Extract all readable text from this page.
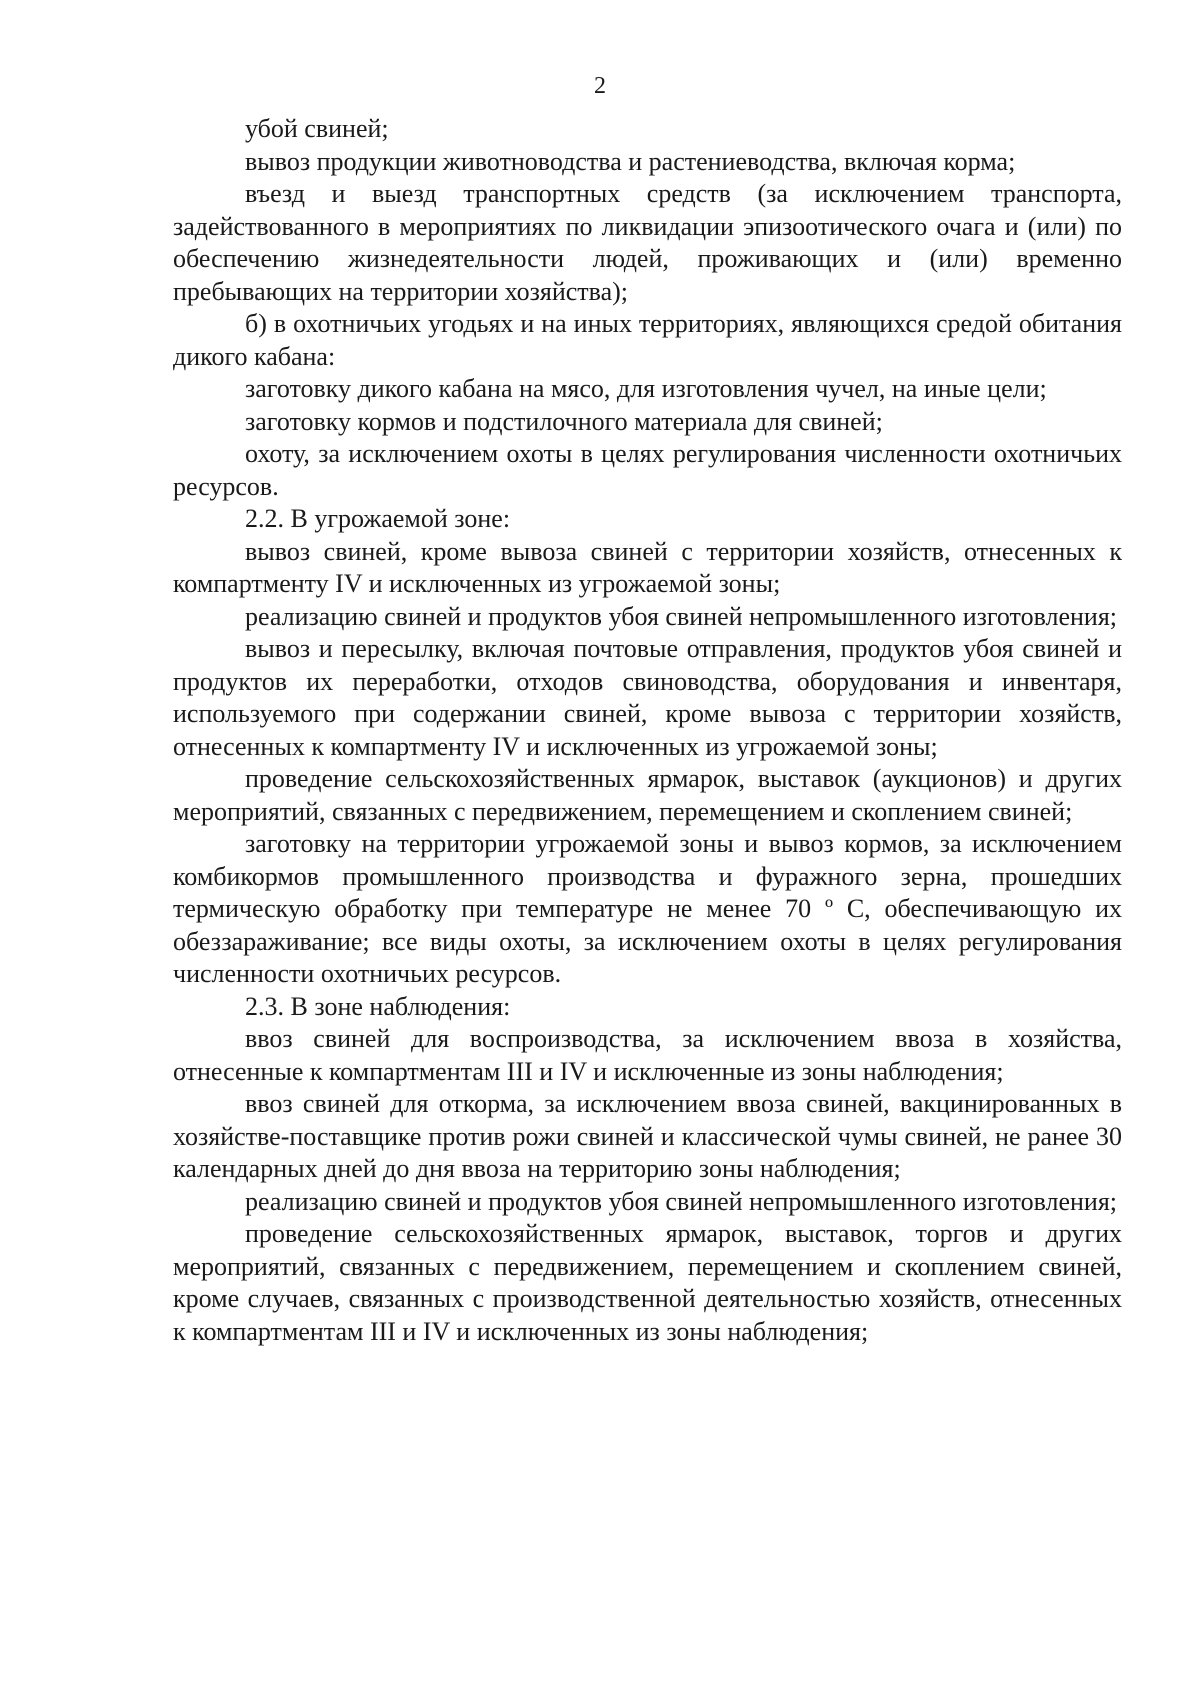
2

убой свиней;

вывоз продукции животноводства и растениеводства, включая корма;

въезд и выезд транспортных средств (за исключением транспорта, задействованного в мероприятиях по ликвидации эпизоотического очага и (или) по обеспечению жизнедеятельности людей, проживающих и (или) временно пребывающих на территории хозяйства);

б) в охотничьих угодьях и на иных территориях, являющихся средой обитания дикого кабана:

заготовку дикого кабана на мясо, для изготовления чучел, на иные цели;

заготовку кормов и подстилочного материала для свиней;

охоту, за исключением охоты в целях регулирования численности охотничьих ресурсов.

2.2. В угрожаемой зоне:

вывоз свиней, кроме вывоза свиней с территории хозяйств, отнесенных к компартменту IV и исключенных из угрожаемой зоны;

реализацию свиней и продуктов убоя свиней непромышленного изготовления;

вывоз и пересылку, включая почтовые отправления, продуктов убоя свиней и продуктов их переработки, отходов свиноводства, оборудования и инвентаря, используемого при содержании свиней, кроме вывоза с территории хозяйств, отнесенных к компартменту IV и исключенных из угрожаемой зоны;

проведение сельскохозяйственных ярмарок, выставок (аукционов) и других мероприятий, связанных с передвижением, перемещением и скоплением свиней;

заготовку на территории угрожаемой зоны и вывоз кормов, за исключением комбикормов промышленного производства и фуражного зерна, прошедших термическую обработку при температуре не менее 70 º С, обеспечивающую их обеззараживание; все виды охоты, за исключением охоты в целях регулирования численности охотничьих ресурсов.

2.3. В зоне наблюдения:

ввоз свиней для воспроизводства, за исключением ввоза в хозяйства, отнесенные к компартментам III и IV и исключенные из зоны наблюдения;

ввоз свиней для откорма, за исключением ввоза свиней, вакцинированных в хозяйстве-поставщике против рожи свиней и классической чумы свиней, не ранее 30 календарных дней до дня ввоза на территорию зоны наблюдения;

реализацию свиней и продуктов убоя свиней непромышленного изготовления;

проведение сельскохозяйственных ярмарок, выставок, торгов и других мероприятий, связанных с передвижением, перемещением и скоплением свиней, кроме случаев, связанных с производственной деятельностью хозяйств, отнесенных к компартментам III и IV и исключенных из зоны наблюдения;
